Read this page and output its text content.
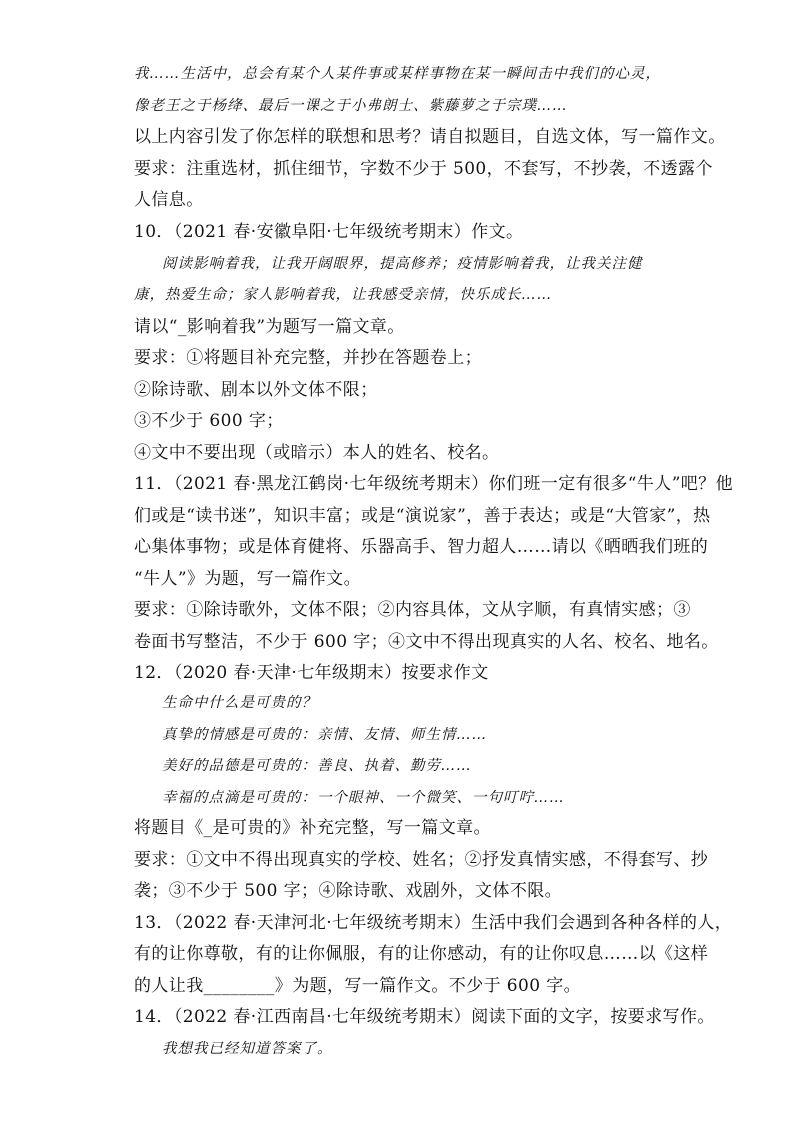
我……生活中，总会有某个人某件事或某样事物在某一瞬间击中我们的心灵，
像老王之于杨绛、最后一课之于小弗朗士、紫藤萝之于宗璞……
以上内容引发了你怎样的联想和思考？请自拟题目，自选文体，写一篇作文。
要求：注重选材，抓住细节，字数不少于 500，不套写，不抄袭，不透露个
人信息。
10．（2021 春·安徽阜阳·七年级统考期末）作文。
阅读影响着我，让我开阔眼界，提高修养；疫情影响着我，让我关注健
康，热爱生命；家人影响着我，让我感受亲情，快乐成长……
请以“_影响着我”为题写一篇文章。
要求：①将题目补充完整，并抄在答题卷上；
②除诗歌、剧本以外文体不限；
③不少于 600 字；
④文中不要出现（或暗示）本人的姓名、校名。
11．（2021 春·黑龙江鹤岗·七年级统考期末）你们班一定有很多“牛人”吧？他
们或是“读书迷”，知识丰富；或是“演说家”，善于表达；或是“大管家”，热
心集体事物；或是体育健将、乐器高手、智力超人……请以《晒晒我们班的
“牛人”》为题，写一篇作文。
要求：①除诗歌外，文体不限；②内容具体，文从字顺，有真情实感；③
卷面书写整洁，不少于 600 字；④文中不得出现真实的人名、校名、地名。
12．（2020 春·天津·七年级期末）按要求作文
生命中什么是可贵的？
真挚的情感是可贵的：亲情、友情、师生情……
美好的品德是可贵的：善良、执着、勤劳……
幸福的点滴是可贵的：一个眼神、一个微笑、一句叮咛……
将题目《_是可贵的》补充完整，写一篇文章。
要求：①文中不得出现真实的学校、姓名；②抒发真情实感，不得套写、抄
袭；③不少于 500 字；④除诗歌、戏剧外，文体不限。
13．（2022 春·天津河北·七年级统考期末）生活中我们会遇到各种各样的人，
有的让你尊敬，有的让你佩服，有的让你感动，有的让你叹息……以《这样
的人让我________》为题，写一篇作文。不少于 600 字。
14．（2022 春·江西南昌·七年级统考期末）阅读下面的文字，按要求写作。
我想我已经知道答案了。
